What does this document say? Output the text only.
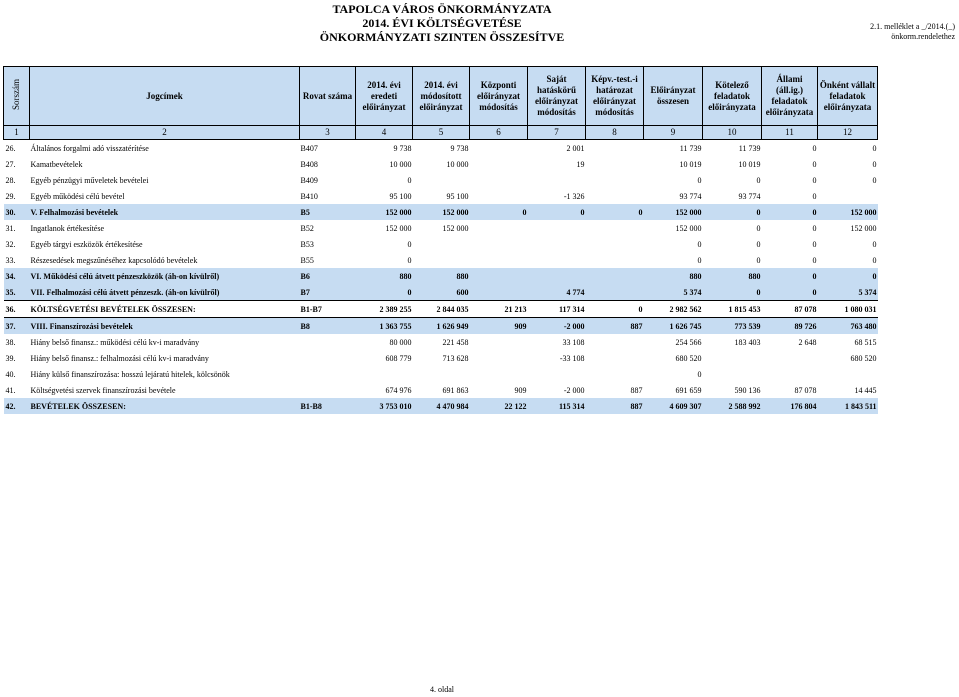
TAPOLCA VÁROS ÖNKORMÁNYZATA
2014. ÉVI KÖLTSÉGVETÉSE
ÖNKORMÁNYZATI SZINTEN ÖSSZESÍTVE
2.1. melléklet a _/2014.(_)
önkorm.rendelethez
Sorszám	Jogcímek	Rovat száma	2014. évi eredeti előirányzat	2014. évi módosított előirányzat	Központi előirányzat módosítás	Saját hatáskörű előirányzat módosítás	Képv.-test.-i határozat előirányzat módosítás	Előirányzat összesen	Kötelező feladatok előirányzata	Állami (áll.ig.) feladatok előirányzata	Önként vállalt feladatok előirányzata
1	2	3	4	5	6	7	8	9	10	11	12
26.	Általános forgalmi adó visszatérítése	B407	9 738	9 738		2 001		11 739	11 739	0	0
27.	Kamatbevételek	B408	10 000	10 000		19		10 019	10 019	0	0
28.	Egyéb pénzügyi műveletek bevételei	B409	0					0	0	0	0
29.	Egyéb működési célú bevétel	B410	95 100	95 100		-1 326		93 774	93 774	0	
30.	V. Felhalmozási bevételek	B5	152 000	152 000	0	0	0	152 000	0	0	152 000
31.	Ingatlanok értékesítése	B52	152 000	152 000				152 000	0	0	152 000
32.	Egyéb tárgyi eszközök értékesítése	B53	0					0	0	0	0
33.	Részesedések megszűnéséhez kapcsolódó bevételek	B55	0					0	0	0	0
34.	VI. Működési célú átvett pénzeszközök (áh-on kívülről)	B6	880	880				880	880	0	0
35.	VII. Felhalmozási célú átvett pénzeszk. (áh-on kívülről)	B7	0	600		4 774		5 374	0	0	5 374
36.	KÖLTSÉGVETÉSI BEVÉTELEK ÖSSZESEN:	B1-B7	2 389 255	2 844 035	21 213	117 314	0	2 982 562	1 815 453	87 078	1 080 031
37.	VIII. Finanszírozási bevételek	B8	1 363 755	1 626 949	909	-2 000	887	1 626 745	773 539	89 726	763 480
38.	Hiány belső finansz.: működési célú kv-i maradvány		80 000	221 458		33 108		254 566	183 403	2 648	68 515
39.	Hiány belső finansz.: felhalmozási célú kv-i maradvány		608 779	713 628		-33 108		680 520			680 520
40.	Hiány külső finanszírozása: hosszú lejáratú hitelek, kölcsönök							0			
41.	Költségvetési szervek finanszírozási bevétele		674 976	691 863	909	-2 000	887	691 659	590 136	87 078	14 445
42.	BEVÉTELEK ÖSSZESEN:	B1-B8	3 753 010	4 470 984	22 122	115 314	887	4 609 307	2 588 992	176 804	1 843 511
4. oldal
